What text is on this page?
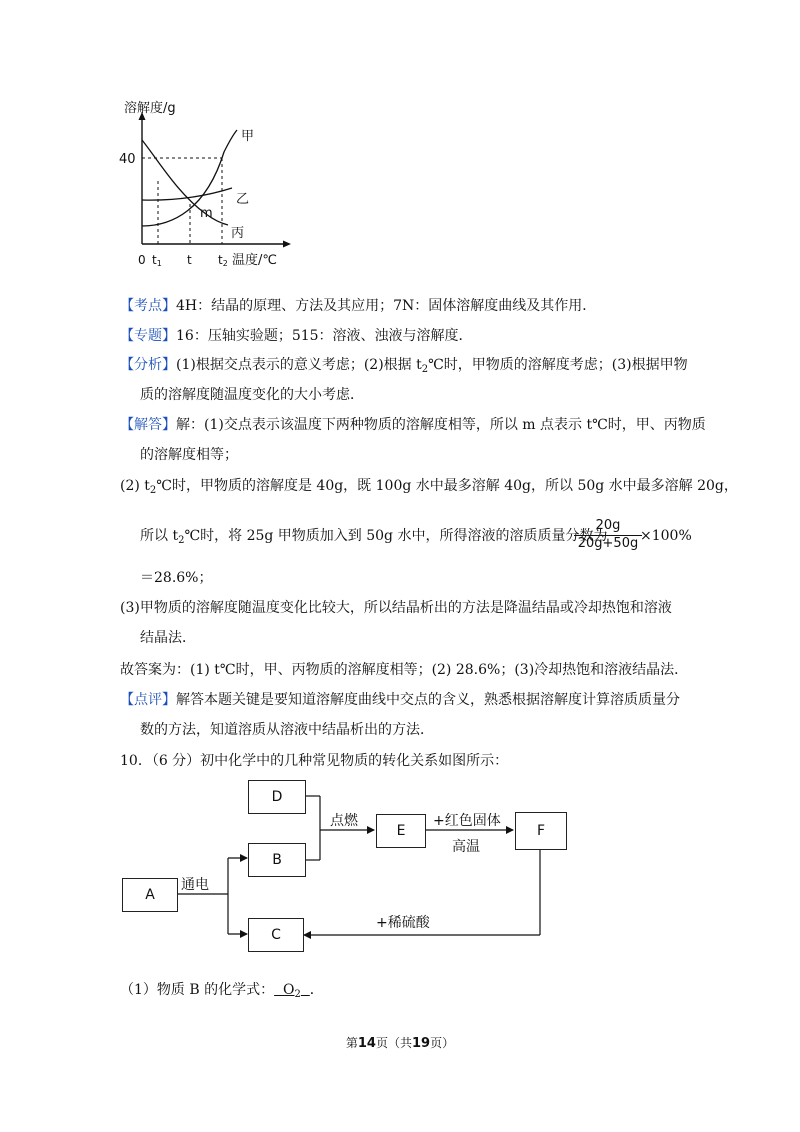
溶解度/g
40
0 t1 t t2 温度/℃
甲
乙
m
丙
【考点】4H：结晶的原理、方法及其应用；7N：固体溶解度曲线及其作用．
【专题】16：压轴实验题；515：溶液、浊液与溶解度．
【分析】(1)根据交点表示的意义考虑；(2)根据 $t_2℃$时，甲物质的溶解度考虑；(3)根据甲物
质的溶解度随温度变化的大小考虑．
【解答】解：(1)交点表示该温度下两种物质的溶解度相等，所以 m 点表示 t℃时，甲、丙物质
的溶解度相等；
(2) $t_2℃$时，甲物质的溶解度是 40g，既 100g 水中最多溶解 40g，所以 50g 水中最多溶解 20g，
所以 $t_2℃$时，将 25g 甲物质加入到 50g 水中，所得溶液的溶质质量分数为
$\frac{20g}{20g+50g}$
×100%
＝28.6%；
(3)甲物质的溶解度随温度变化比较大，所以结晶析出的方法是降温结晶或冷却热饱和溶液
结晶法．
故答案为：(1) t℃时，甲、丙物质的溶解度相等；(2) 28.6%；(3)冷却热饱和溶液结晶法．
【点评】解答本题关键是要知道溶解度曲线中交点的含义，熟悉根据溶解度计算溶质质量分
数的方法，知道溶质从溶液中结晶析出的方法．
10．（6 分）初中化学中的几种常见物质的转化关系如图所示：
A
D
B
C
E	F
通电
点燃	+红色固体
高温
+稀硫酸
（1）物质 B 的化学式： $O_2$ ．
第14页（共19页）
